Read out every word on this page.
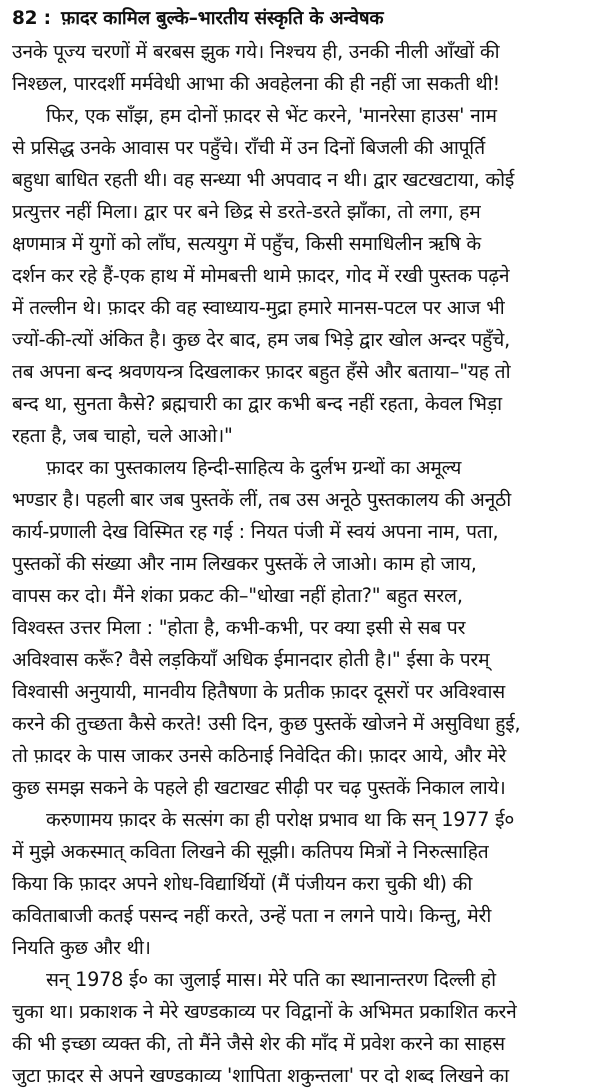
82 : फ़ादर कामिल बुल्के–भारतीय संस्कृति के अन्वेषक
उनके पूज्य चरणों में बरबस झुक गये। निश्चय ही, उनकी नीली आँखों की
निश्छल, पारदर्शी मर्मवेधी आभा की अवहेलना की ही नहीं जा सकती थी!
फिर, एक साँझ, हम दोनों फ़ादर से भेंट करने, 'मानरेसा हाउस' नाम
से प्रसिद्ध उनके आवास पर पहुँचे। राँची में उन दिनों बिजली की आपूर्ति
बहुधा बाधित रहती थी। वह सन्ध्या भी अपवाद न थी। द्वार खटखटाया, कोई
प्रत्युत्तर नहीं मिला। द्वार पर बने छिद्र से डरते-डरते झाँका, तो लगा, हम
क्षणमात्र में युगों को लाँघ, सत्ययुग में पहुँच, किसी समाधिलीन ऋषि के
दर्शन कर रहे हैं-एक हाथ में मोमबत्ती थामे फ़ादर, गोद में रखी पुस्तक पढ़ने
में तल्लीन थे। फ़ादर की वह स्वाध्याय-मुद्रा हमारे मानस-पटल पर आज भी
ज्यों-की-त्यों अंकित है। कुछ देर बाद, हम जब भिड़े द्वार खोल अन्दर पहुँचे,
तब अपना बन्द श्रवणयन्त्र दिखलाकर फ़ादर बहुत हँसे और बताया–"यह तो
बन्द था, सुनता कैसे? ब्रह्मचारी का द्वार कभी बन्द नहीं रहता, केवल भिड़ा
रहता है, जब चाहो, चले आओ।"
फ़ादर का पुस्तकालय हिन्दी-साहित्य के दुर्लभ ग्रन्थों का अमूल्य
भण्डार है। पहली बार जब पुस्तकें लीं, तब उस अनूठे पुस्तकालय की अनूठी
कार्य-प्रणाली देख विस्मित रह गई : नियत पंजी में स्वयं अपना नाम, पता,
पुस्तकों की संख्या और नाम लिखकर पुस्तकें ले जाओ। काम हो जाय,
वापस कर दो। मैंने शंका प्रकट की–"धोखा नहीं होता?" बहुत सरल,
विश्वस्त उत्तर मिला : "होता है, कभी-कभी, पर क्या इसी से सब पर
अविश्वास करूँ? वैसे लड़कियाँ अधिक ईमानदार होती है।" ईसा के परम्
विश्वासी अनुयायी, मानवीय हितैषणा के प्रतीक फ़ादर दूसरों पर अविश्वास
करने की तुच्छता कैसे करते! उसी दिन, कुछ पुस्तकें खोजने में असुविधा हुई,
तो फ़ादर के पास जाकर उनसे कठिनाई निवेदित की। फ़ादर आये, और मेरे
कुछ समझ सकने के पहले ही खटाखट सीढ़ी पर चढ़ पुस्तकें निकाल लाये।
करुणामय फ़ादर के सत्संग का ही परोक्ष प्रभाव था कि सन् 1977 ई०
में मुझे अकस्मात् कविता लिखने की सूझी। कतिपय मित्रों ने निरुत्साहित
किया कि फ़ादर अपने शोध-विद्यार्थियों (मैं पंजीयन करा चुकी थी) की
कविताबाजी कतई पसन्द नहीं करते, उन्हें पता न लगने पाये। किन्तु, मेरी
नियति कुछ और थी।
सन् 1978 ई० का जुलाई मास। मेरे पति का स्थानान्तरण दिल्ली हो
चुका था। प्रकाशक ने मेरे खण्डकाव्य पर विद्वानों के अभिमत प्रकाशित करने
की भी इच्छा व्यक्त की, तो मैंने जैसे शेर की माँद में प्रवेश करने का साहस
जुटा फ़ादर से अपने खण्डकाव्य 'शापिता शकुन्तला' पर दो शब्द लिखने का
